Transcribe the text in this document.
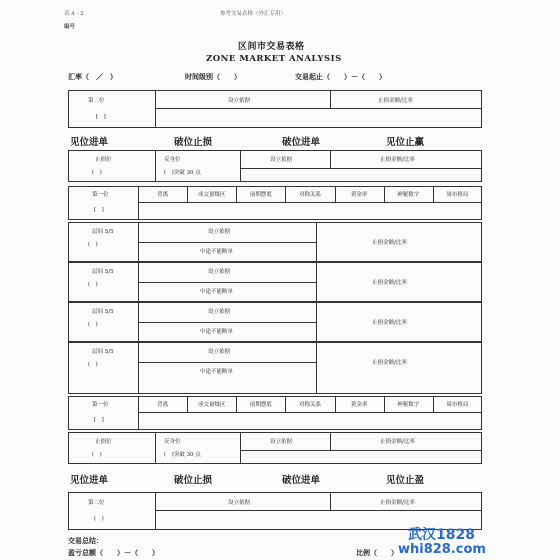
表 4 - 2	参考交易表格（外汇专用）
编号
区间市交易表格
ZONE MARKET ANALYSIS
汇率（　／　）	时间级别（　　）	交易起止（　　）－（　　）
第二位
[　]
设立依据	止损金额/比率
见位进单	破位止损	破位进单	见位止赢
止损位
(　)
反身位
(　)突破 30 点
设立依据	止损金额/比率
第一位
[　]
背离	成交量级区	前期摆底	对称关系	黄金率	神秘数字	周市格局
层间 5/5
(　)
设立依据
中途不能断单
止损金额/比率
层间 5/5
(　)
设立依据
中途不能断单
止损金额/比率
层间 5/5
(　)
设立依据
中途不能断单
止损金额/比率
层间 5/5
(　)
设立依据
中途不能断单
止损金额/比率
第一位
[　]
背离	成交量级区	前期摆底	对称关系	黄金率	神秘数字	周市格局
止损位
(　)
反身位
(　)突破 30 点
设立依据	止损金额/比率
见位进单	破位止损	破位进单	见位止盈
第二位
(　)
设立依据	止损金额/比率
交易总结：
盈亏总额（　　）－（　　）	比例（　　）
武汉1828
whi828.com
